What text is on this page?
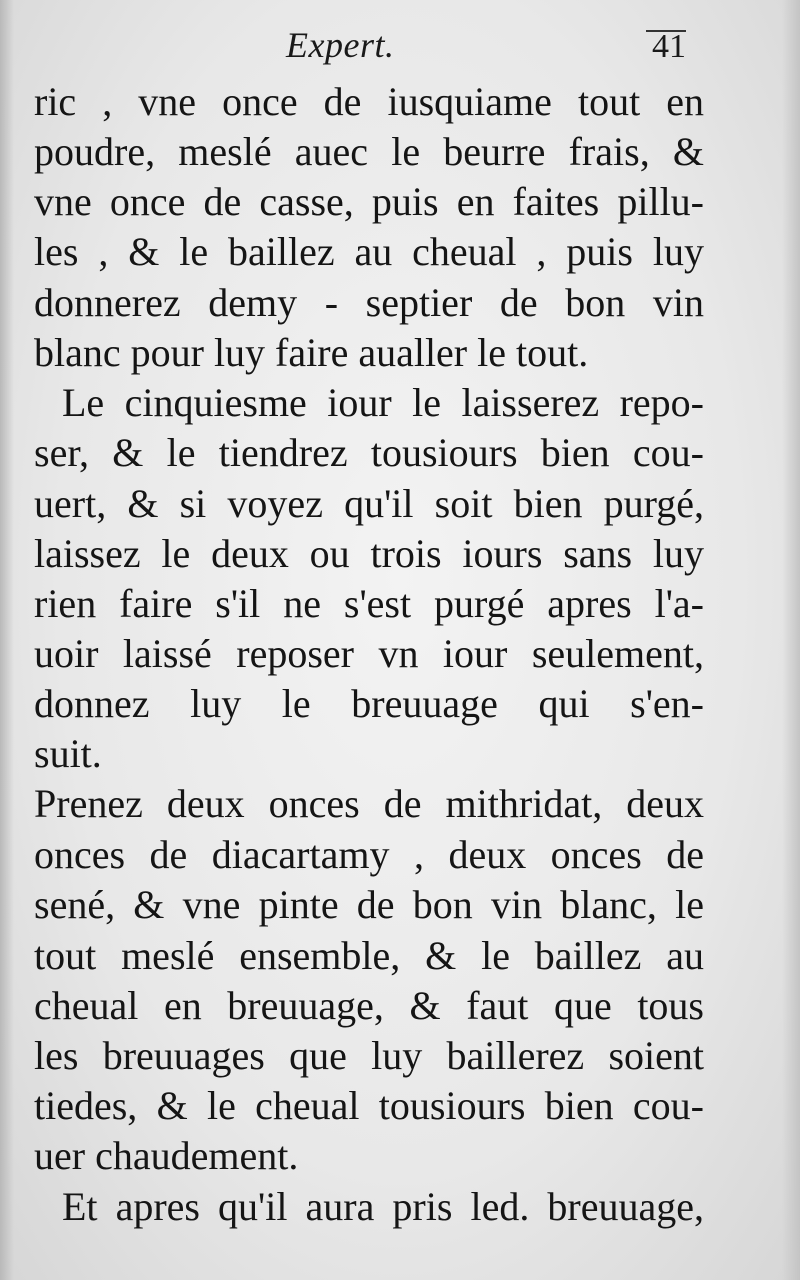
Expert.	41
ric , vne once de iusquiame tout en
poudre, meslé auec le beurre frais, &
vne once de casse, puis en faites pillu-
les , & le baillez au cheual , puis luy
donnerez demy - septier de bon vin
blanc pour luy faire aualler le tout.
Le cinquiesme iour le laisserez repo-
ser, & le tiendrez tousiours bien cou-
uert, & si voyez qu'il soit bien purgé,
laissez le deux ou trois iours sans luy
rien faire s'il ne s'est purgé apres l'a-
uoir laissé reposer vn iour seulement,
donnez luy le breuuage qui s'en-
suit.
Prenez deux onces de mithridat, deux
onces de diacartamy , deux onces de
sené, & vne pinte de bon vin blanc, le
tout meslé ensemble, & le baillez au
cheual en breuuage, & faut que tous
les breuuages que luy baillerez soient
tiedes, & le cheual tousiours bien cou-
uer chaudement.
Et apres qu'il aura pris led. breuuage,
